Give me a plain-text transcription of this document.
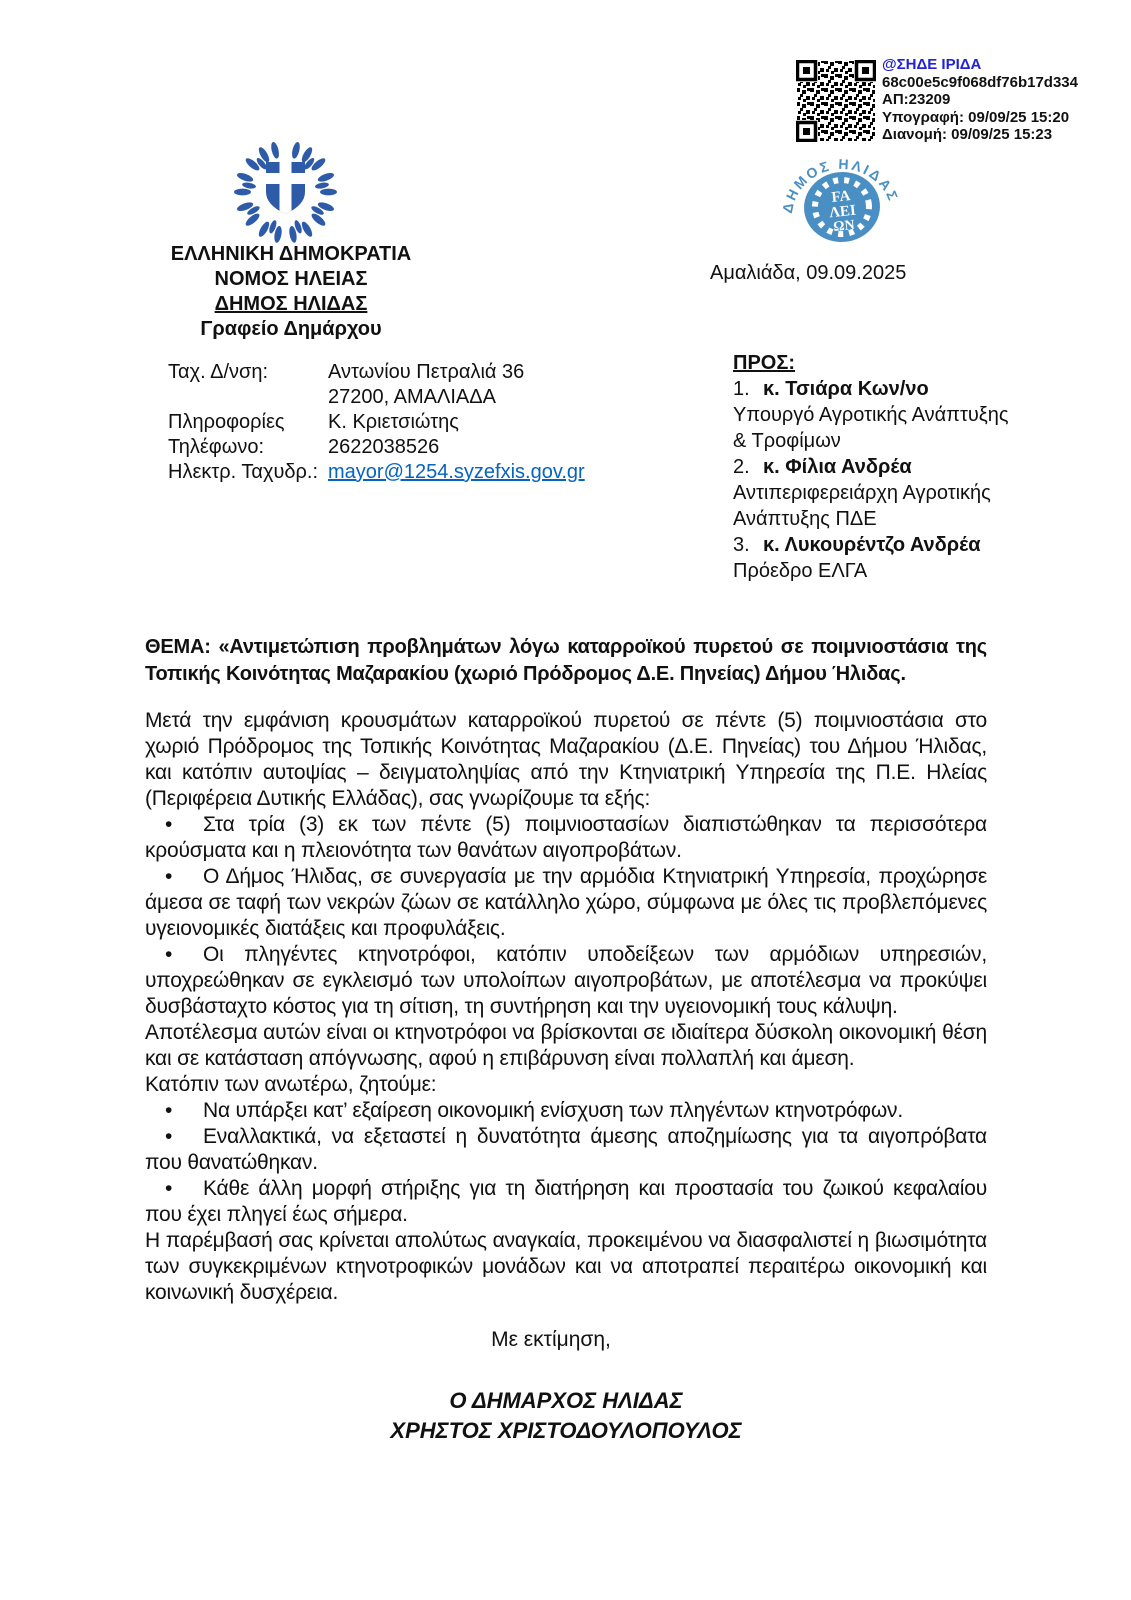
@ΣΗΔΕ ΙΡΙΔΑ
68c00e5c9f068df76b17d334
ΑΠ:23209
Υπογραφή: 09/09/25 15:20
Διανομή: 09/09/25 15:23
ΔΗΜΟΣ ΗΛΙΔΑΣ
FA
ΛΕΙ
ΩΝ
ΕΛΛΗΝΙΚΗ ΔΗΜΟΚΡΑΤΙΑ
ΝΟΜΟΣ ΗΛΕΙΑΣ
ΔΗΜΟΣ ΗΛΙΔΑΣ
Γραφείο Δημάρχου
Αμαλιάδα, 09.09.2025
Ταχ. Δ/νση:	Αντωνίου Πετραλιά 36
27200, ΑΜΑΛΙΑΔΑ
Πληροφορίες Κ. Κριετσιώτης
Τηλέφωνο:	2622038526
Ηλεκτρ. Ταχυδρ.: mayor@1254.syzefxis.gov.gr
ΠΡΟΣ:
1. κ. Τσιάρα Κων/νο
Υπουργό Αγροτικής Ανάπτυξης & Τροφίμων
2. κ. Φίλια Ανδρέα
Αντιπεριφερειάρχη Αγροτικής Ανάπτυξης ΠΔΕ
3. κ. Λυκουρέντζο Ανδρέα
Πρόεδρο ΕΛΓΑ
ΘΕΜΑ: «Αντιμετώπιση προβλημάτων λόγω καταρροϊκού πυρετού σε ποιμνιοστάσια της Τοπικής Κοινότητας Μαζαρακίου (χωριό Πρόδρομος Δ.Ε. Πηνείας) Δήμου Ήλιδας.

Μετά την εμφάνιση κρουσμάτων καταρροϊκού πυρετού σε πέντε (5) ποιμνιοστάσια στο χωριό Πρόδρομος της Τοπικής Κοινότητας Μαζαρακίου (Δ.Ε. Πηνείας) του Δήμου Ήλιδας, και κατόπιν αυτοψίας – δειγματοληψίας από την Κτηνιατρική Υπηρεσία της Π.Ε. Ηλείας (Περιφέρεια Δυτικής Ελλάδας), σας γνωρίζουμε τα εξής:

• Στα τρία (3) εκ των πέντε (5) ποιμνιοστασίων διαπιστώθηκαν τα περισσότερα κρούσματα και η πλειονότητα των θανάτων αιγοπροβάτων.

• Ο Δήμος Ήλιδας, σε συνεργασία με την αρμόδια Κτηνιατρική Υπηρεσία, προχώρησε άμεσα σε ταφή των νεκρών ζώων σε κατάλληλο χώρο, σύμφωνα με όλες τις προβλεπόμενες υγειονομικές διατάξεις και προφυλάξεις.

• Οι πληγέντες κτηνοτρόφοι, κατόπιν υποδείξεων των αρμόδιων υπηρεσιών, υποχρεώθηκαν σε εγκλεισμό των υπολοίπων αιγοπροβάτων, με αποτέλεσμα να προκύψει δυσβάσταχτο κόστος για τη σίτιση, τη συντήρηση και την υγειονομική τους κάλυψη.

Αποτέλεσμα αυτών είναι οι κτηνοτρόφοι να βρίσκονται σε ιδιαίτερα δύσκολη οικονομική θέση και σε κατάσταση απόγνωσης, αφού η επιβάρυνση είναι πολλαπλή και άμεση.

Κατόπιν των ανωτέρω, ζητούμε:

• Να υπάρξει κατ’ εξαίρεση οικονομική ενίσχυση των πληγέντων κτηνοτρόφων.

• Εναλλακτικά, να εξεταστεί η δυνατότητα άμεσης αποζημίωσης για τα αιγοπρόβατα που θανατώθηκαν.

• Κάθε άλλη μορφή στήριξης για τη διατήρηση και προστασία του ζωικού κεφαλαίου που έχει πληγεί έως σήμερα.

Η παρέμβασή σας κρίνεται απολύτως αναγκαία, προκειμένου να διασφαλιστεί η βιωσιμότητα των συγκεκριμένων κτηνοτροφικών μονάδων και να αποτραπεί περαιτέρω οικονομική και κοινωνική δυσχέρεια.

Με εκτίμηση,
Ο ΔΗΜΑΡΧΟΣ ΗΛΙΔΑΣ
ΧΡΗΣΤΟΣ ΧΡΙΣΤΟΔΟΥΛΟΠΟΥΛΟΣ
